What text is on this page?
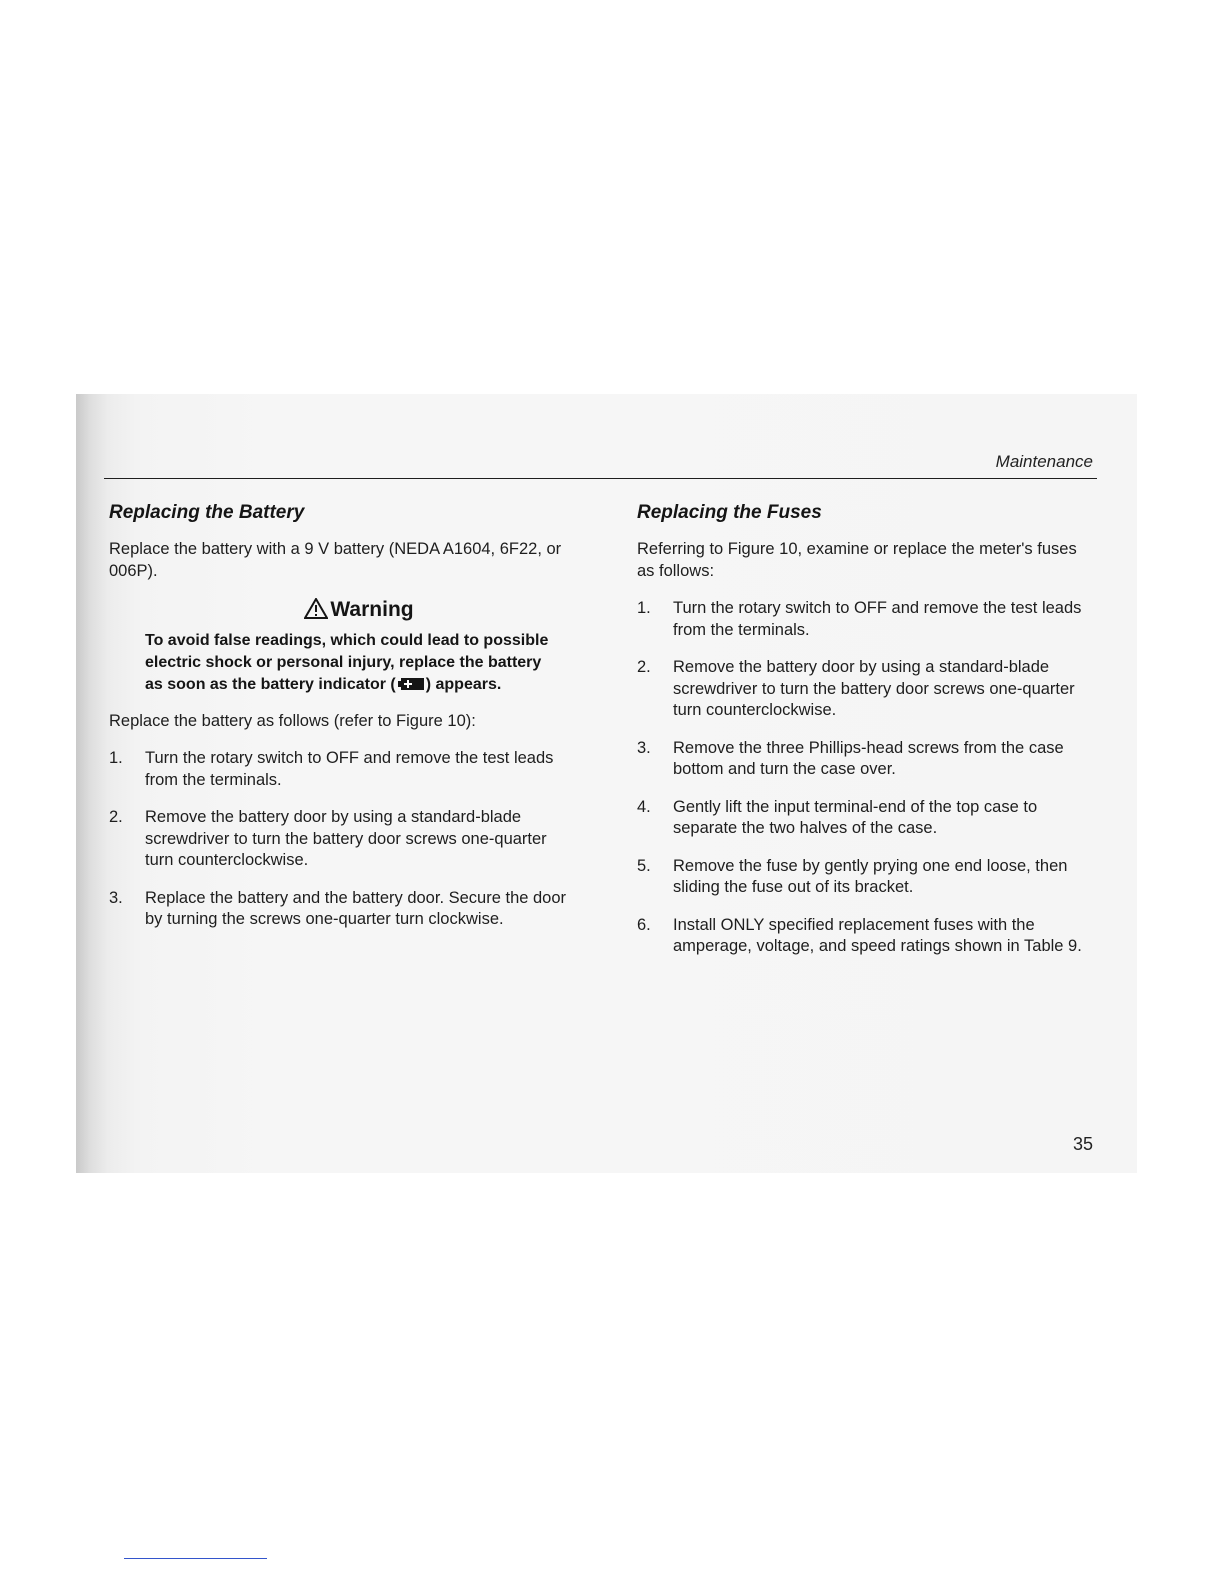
Maintenance
Replacing the Battery
Replace the battery with a 9 V battery (NEDA A1604, 6F22, or 006P).
Warning
To avoid false readings, which could lead to possible electric shock or personal injury, replace the battery as soon as the battery indicator ( ) appears.
Replace the battery as follows (refer to Figure 10):
1.	Turn the rotary switch to OFF and remove the test leads from the terminals.
2.	Remove the battery door by using a standard-blade screwdriver to turn the battery door screws one-quarter turn counterclockwise.
3.	Replace the battery and the battery door. Secure the door by turning the screws one-quarter turn clockwise.
Replacing the Fuses
Referring to Figure 10, examine or replace the meter's fuses as follows:
1.	Turn the rotary switch to OFF and remove the test leads from the terminals.
2.	Remove the battery door by using a standard-blade screwdriver to turn the battery door screws one-quarter turn counterclockwise.
3.	Remove the three Phillips-head screws from the case bottom and turn the case over.
4.	Gently lift the input terminal-end of the top case to separate the two halves of the case.
5.	Remove the fuse by gently prying one end loose, then sliding the fuse out of its bracket.
6.	Install ONLY specified replacement fuses with the amperage, voltage, and speed ratings shown in Table 9.
35
